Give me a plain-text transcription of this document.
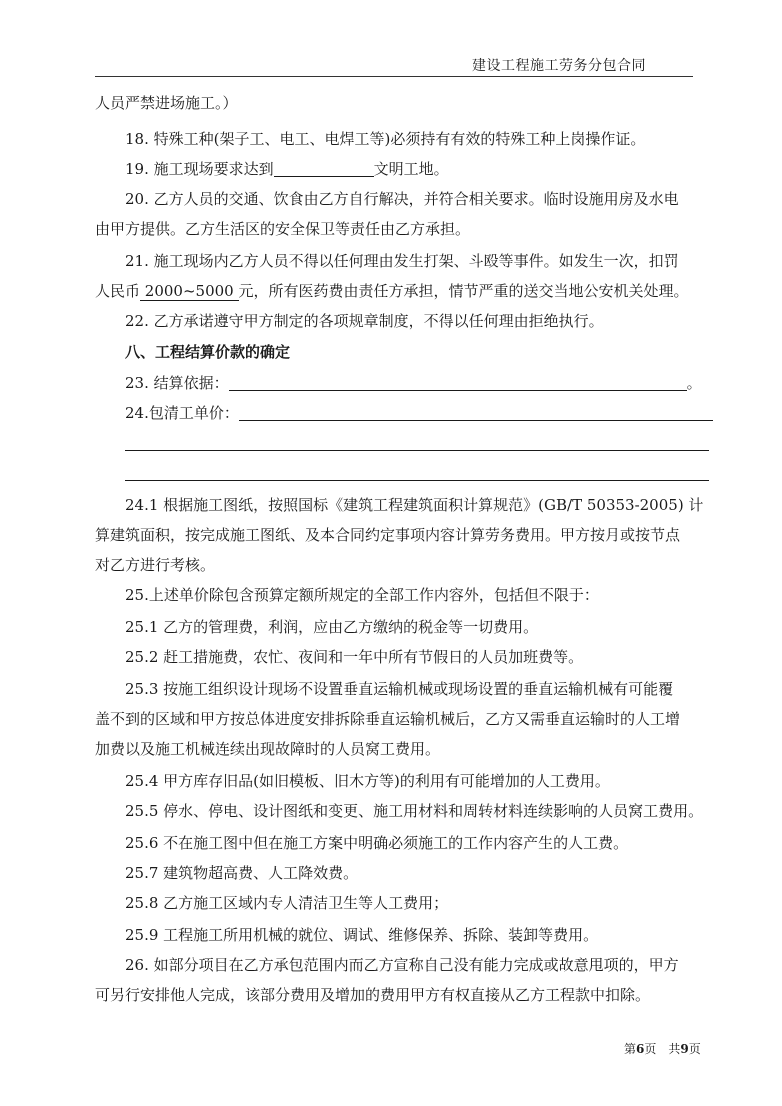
建设工程施工劳务分包合同
人员严禁进场施工。）
18. 特殊工种(架子工、电工、电焊工等)必须持有有效的特殊工种上岗操作证。
19. 施工现场要求达到	文明工地。
20. 乙方人员的交通、饮食由乙方自行解决，并符合相关要求。临时设施用房及水电
由甲方提供。乙方生活区的安全保卫等责任由乙方承担。
21. 施工现场内乙方人员不得以任何理由发生打架、斗殴等事件。如发生一次，扣罚
人民币 2000~5000 元，所有医药费由责任方承担，情节严重的送交当地公安机关处理。
22. 乙方承诺遵守甲方制定的各项规章制度，不得以任何理由拒绝执行。
八、工程结算价款的确定
23. 结算依据：	。
24.包清工单价：
24.1 根据施工图纸，按照国标《建筑工程建筑面积计算规范》(GB/T 50353-2005) 计
算建筑面积，按完成施工图纸、及本合同约定事项内容计算劳务费用。甲方按月或按节点
对乙方进行考核。
25.上述单价除包含预算定额所规定的全部工作内容外，包括但不限于：
25.1 乙方的管理费，利润，应由乙方缴纳的税金等一切费用。
25.2 赶工措施费，农忙、夜间和一年中所有节假日的人员加班费等。
25.3 按施工组织设计现场不设置垂直运输机械或现场设置的垂直运输机械有可能覆
盖不到的区域和甲方按总体进度安排拆除垂直运输机械后，乙方又需垂直运输时的人工增
加费以及施工机械连续出现故障时的人员窝工费用。
25.4 甲方库存旧品(如旧模板、旧木方等)的利用有可能增加的人工费用。
25.5 停水、停电、设计图纸和变更、施工用材料和周转材料连续影响的人员窝工费用。
25.6 不在施工图中但在施工方案中明确必须施工的工作内容产生的人工费。
25.7 建筑物超高费、人工降效费。
25.8 乙方施工区域内专人清洁卫生等人工费用；
25.9 工程施工所用机械的就位、调试、维修保养、拆除、装卸等费用。
26. 如部分项目在乙方承包范围内而乙方宣称自己没有能力完成或故意甩项的，甲方
可另行安排他人完成，该部分费用及增加的费用甲方有权直接从乙方工程款中扣除。
第6页　共9页
